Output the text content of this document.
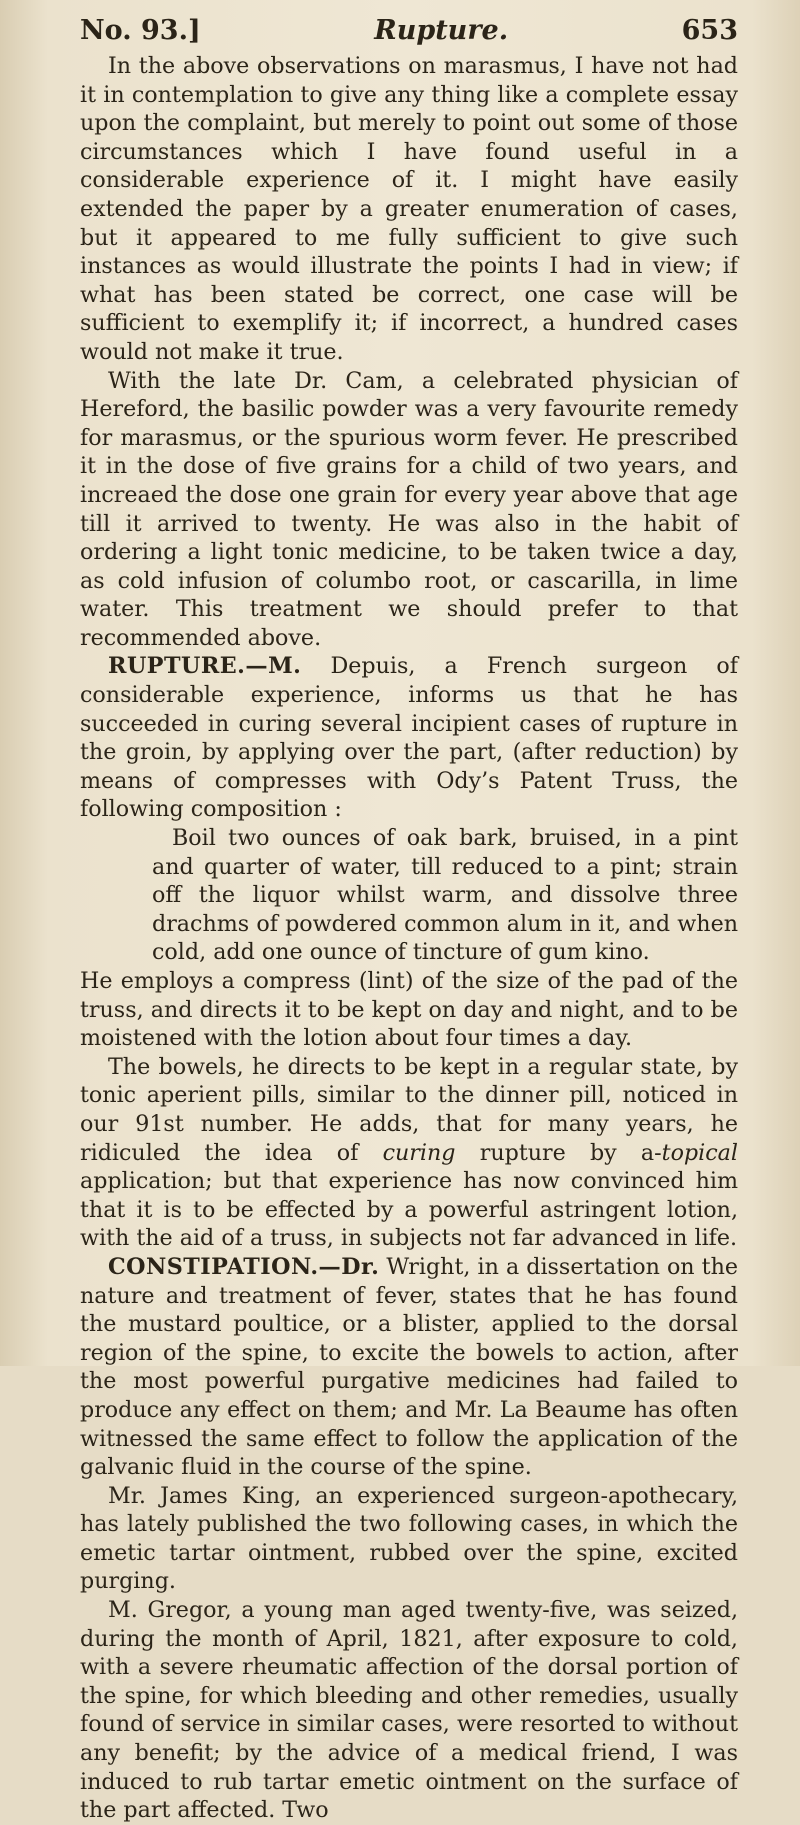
No. 93.]	Rupture.	653

In the above observations on marasmus, I have not had it in contemplation to give any thing like a complete essay upon the complaint, but merely to point out some of those circumstances which I have found useful in a considerable experience of it. I might have easily extended the paper by a greater enumeration of cases, but it appeared to me fully sufficient to give such instances as would illustrate the points I had in view; if what has been stated be correct, one case will be sufficient to exemplify it; if incorrect, a hundred cases would not make it true.

With the late Dr. Cam, a celebrated physician of Hereford, the basilic powder was a very favourite remedy for marasmus, or the spurious worm fever. He prescribed it in the dose of five grains for a child of two years, and increaed the dose one grain for every year above that age till it arrived to twenty. He was also in the habit of ordering a light tonic medicine, to be taken twice a day, as cold infusion of columbo root, or cascarilla, in lime water. This treatment we should prefer to that recommended above.

RUPTURE.—M. Depuis, a French surgeon of considerable experience, informs us that he has succeeded in curing several incipient cases of rupture in the groin, by applying over the part, (after reduction) by means of compresses with Ody’s Patent Truss, the following composition :

Boil two ounces of oak bark, bruised, in a pint and quarter of water, till reduced to a pint; strain off the liquor whilst warm, and dissolve three drachms of powdered common alum in it, and when cold, add one ounce of tincture of gum kino.

He employs a compress (lint) of the size of the pad of the truss, and directs it to be kept on day and night, and to be moistened with the lotion about four times a day.

The bowels, he directs to be kept in a regular state, by tonic aperient pills, similar to the dinner pill, noticed in our 91st number. He adds, that for many years, he ridiculed the idea of curing rupture by a-topical application; but that experience has now convinced him that it is to be effected by a powerful astringent lotion, with the aid of a truss, in subjects not far advanced in life.

CONSTIPATION.—Dr. Wright, in a dissertation on the nature and treatment of fever, states that he has found the mustard poultice, or a blister, applied to the dorsal region of the spine, to excite the bowels to action, after the most powerful purgative medicines had failed to produce any effect on them; and Mr. La Beaume has often witnessed the same effect to follow the application of the galvanic fluid in the course of the spine.

Mr. James King, an experienced surgeon-apothecary, has lately published the two following cases, in which the emetic tartar ointment, rubbed over the spine, excited purging.

M. Gregor, a young man aged twenty-five, was seized, during the month of April, 1821, after exposure to cold, with a severe rheumatic affection of the dorsal portion of the spine, for which bleeding and other remedies, usually found of service in similar cases, were resorted to without any benefit; by the advice of a medical friend, I was induced to rub tartar emetic ointment on the surface of the part affected. Two
